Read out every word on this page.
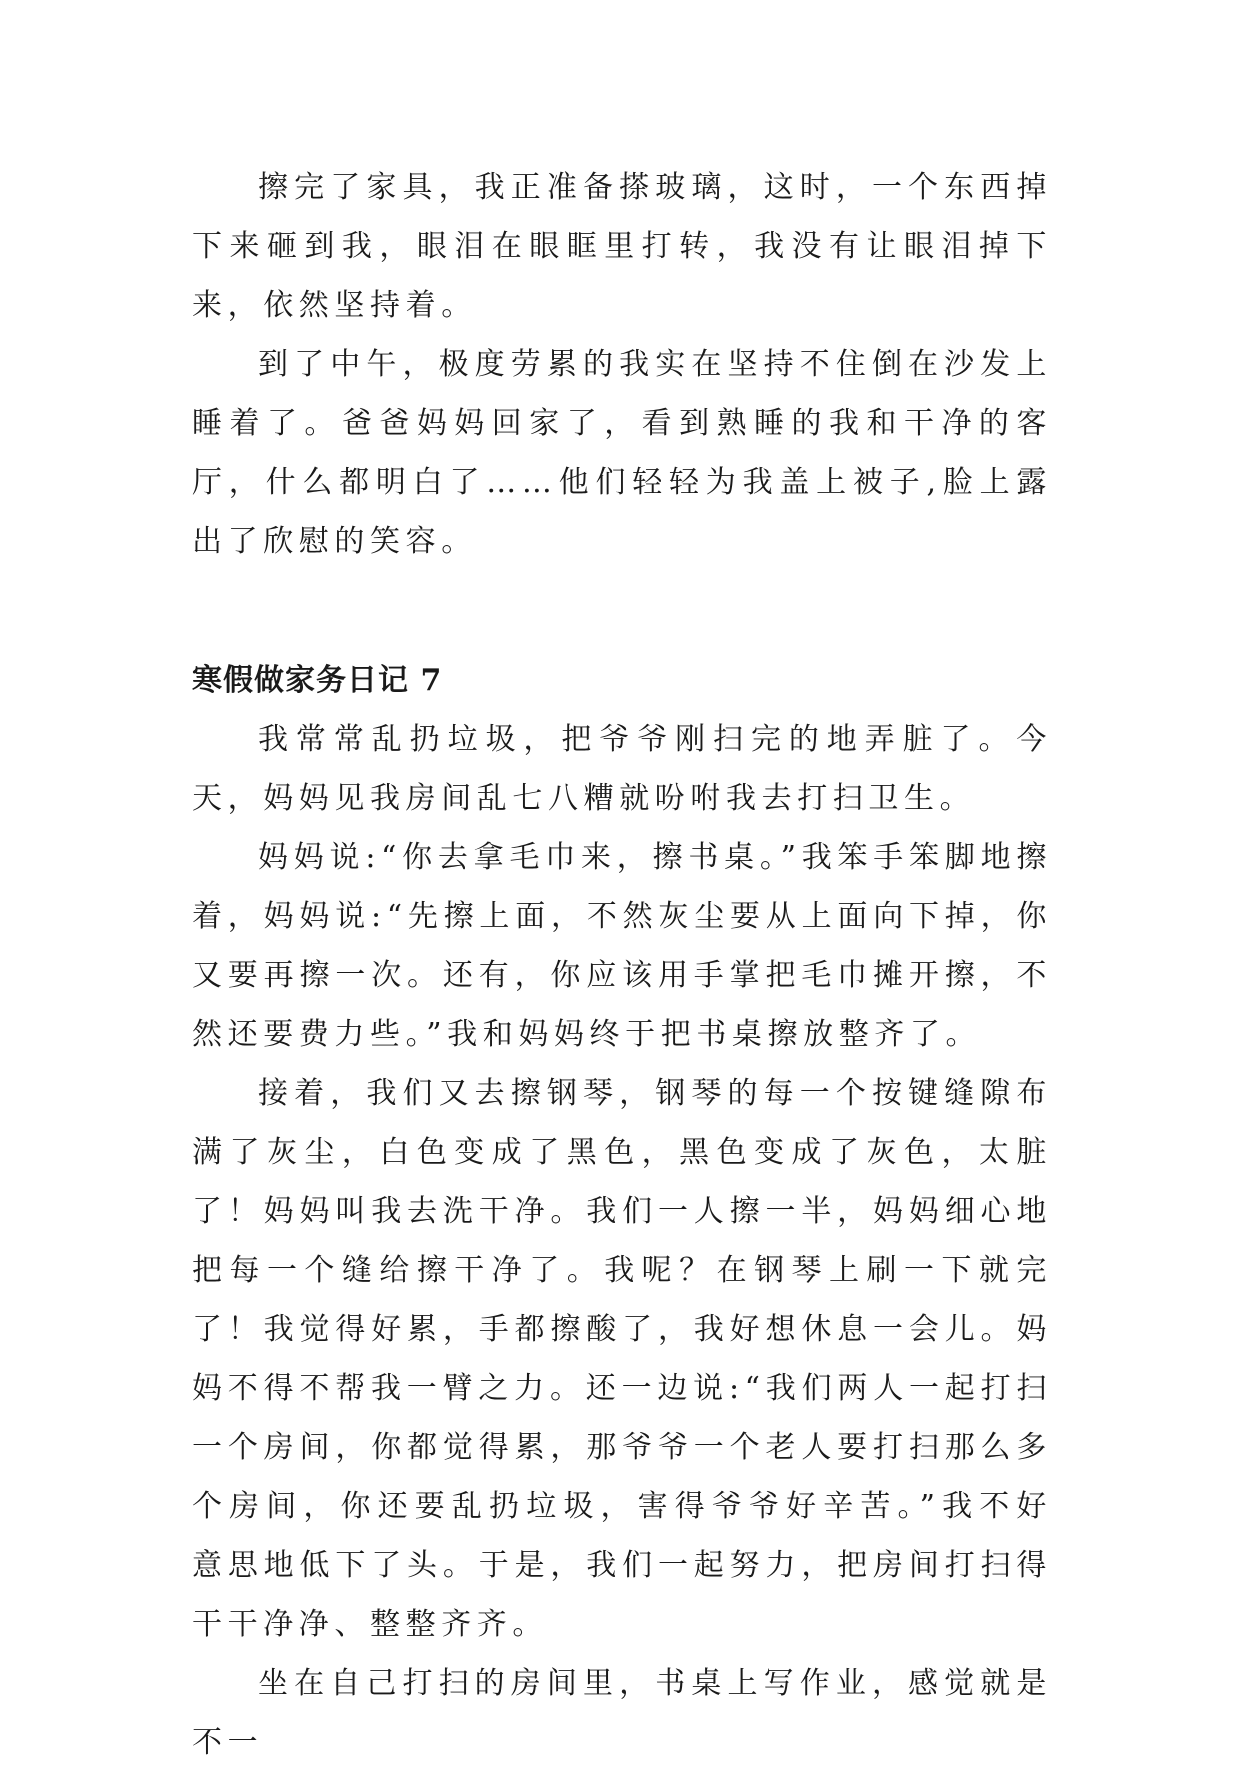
擦完了家具，我正准备搽玻璃，这时，一个东西掉下来砸到我，眼泪在眼眶里打转，我没有让眼泪掉下来，依然坚持着。

到了中午，极度劳累的我实在坚持不住倒在沙发上睡着了。爸爸妈妈回家了，看到熟睡的我和干净的客厅，什么都明白了……他们轻轻为我盖上被子,脸上露出了欣慰的笑容。

寒假做家务日记 7

我常常乱扔垃圾，把爷爷刚扫完的地弄脏了。今天，妈妈见我房间乱七八糟就吩咐我去打扫卫生。

妈妈说:“你去拿毛巾来，擦书桌。”我笨手笨脚地擦着，妈妈说:“先擦上面，不然灰尘要从上面向下掉，你又要再擦一次。还有，你应该用手掌把毛巾摊开擦，不然还要费力些。”我和妈妈终于把书桌擦放整齐了。

接着，我们又去擦钢琴，钢琴的每一个按键缝隙布满了灰尘，白色变成了黑色，黑色变成了灰色，太脏了！妈妈叫我去洗干净。我们一人擦一半，妈妈细心地把每一个缝给擦干净了。我呢？在钢琴上刷一下就完了！我觉得好累，手都擦酸了，我好想休息一会儿。妈妈不得不帮我一臂之力。还一边说:“我们两人一起打扫一个房间，你都觉得累，那爷爷一个老人要打扫那么多个房间，你还要乱扔垃圾，害得爷爷好辛苦。”我不好意思地低下了头。于是，我们一起努力，把房间打扫得干干净净、整整齐齐。

坐在自己打扫的房间里，书桌上写作业，感觉就是不一
